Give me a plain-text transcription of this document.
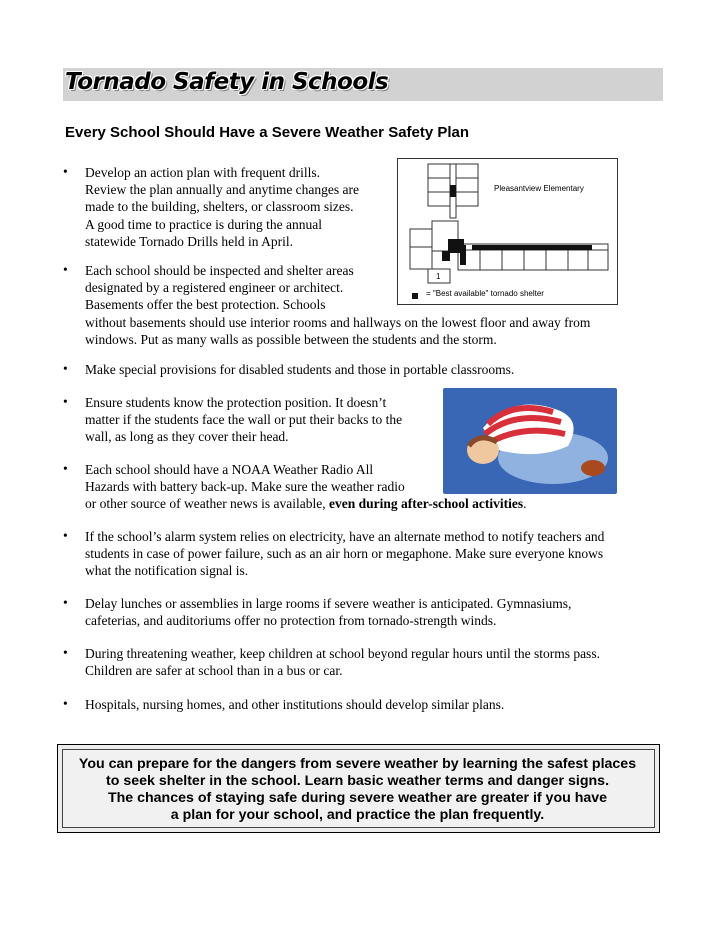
Tornado Safety in Schools
Every School Should Have a Severe Weather Safety Plan
• Develop an action plan with frequent drills.
Review the plan annually and anytime changes are
made to the building, shelters, or classroom sizes.
A good time to practice is during the annual
statewide Tornado Drills held in April.
• Each school should be inspected and shelter areas
designated by a registered engineer or architect.
Basements offer the best protection. Schools
without basements should use interior rooms and hallways on the lowest floor and away from
windows. Put as many walls as possible between the students and the storm.
• Make special provisions for disabled students and those in portable classrooms.
• Ensure students know the protection position. It doesn’t
matter if the students face the wall or put their backs to the
wall, as long as they cover their head.
• Each school should have a NOAA Weather Radio All
Hazards with battery back-up. Make sure the weather radio
or other source of weather news is available, even during after-school activities.
• If the school’s alarm system relies on electricity, have an alternate method to notify teachers and
students in case of power failure, such as an air horn or megaphone. Make sure everyone knows
what the notification signal is.
• Delay lunches or assemblies in large rooms if severe weather is anticipated. Gymnasiums,
cafeterias, and auditoriums offer no protection from tornado-strength winds.
• During threatening weather, keep children at school beyond regular hours until the storms pass.
Children are safer at school than in a bus or car.
• Hospitals, nursing homes, and other institutions should develop similar plans.
Pleasantview Elementary
1
= "Best available" tornado shelter
You can prepare for the dangers from severe weather by learning the safest places
to seek shelter in the school. Learn basic weather terms and danger signs.
The chances of staying safe during severe weather are greater if you have
a plan for your school, and practice the plan frequently.
